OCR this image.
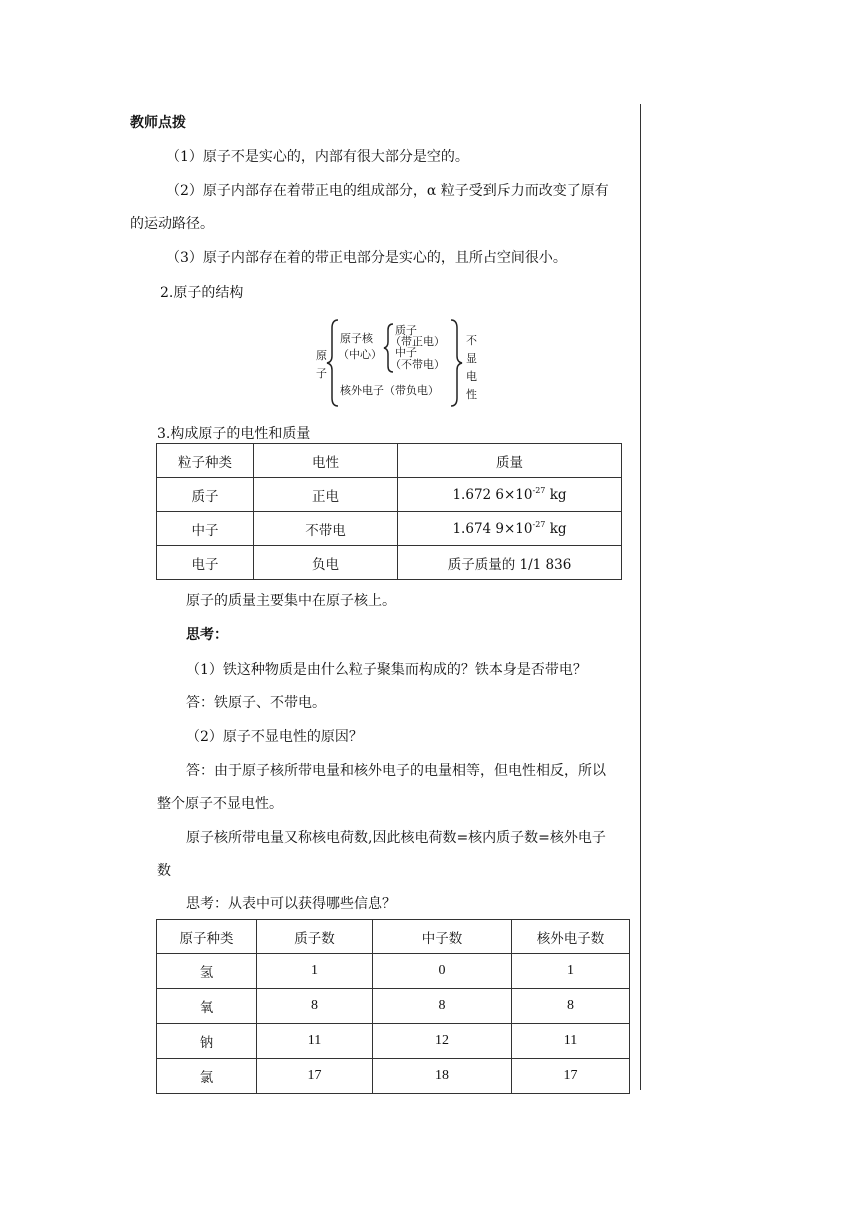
教师点拨
（1）原子不是实心的，内部有很大部分是空的。
（2）原子内部存在着带正电的组成部分，α 粒子受到斥力而改变了原有
的运动路径。
（3）原子内部存在着的带正电部分是实心的，且所占空间很小。
2.原子的结构
原
子
原子核
（中心）
质子
（带正电）
中子
（不带电）
核外电子（带负电）
不
显
电
性
3.构成原子的电性和质量
粒子种类	电性	质量
质子	正电	1.672 $6\times 10^{-27}$ kg
中子	不带电	1.674 $9\times 10^{-27}$ kg
电子	负电	质子质量的 1/1 836
原子的质量主要集中在原子核上。
思考：
（1）铁这种物质是由什么粒子聚集而构成的？铁本身是否带电？
答：铁原子、不带电。
（2）原子不显电性的原因？
答：由于原子核所带电量和核外电子的电量相等，但电性相反，所以
整个原子不显电性。
原子核所带电量又称核电荷数,因此核电荷数=核内质子数=核外电子
数
思考：从表中可以获得哪些信息？
原子种类	质子数	中子数	核外电子数
氢	1	0	1
氧	8	8	8
钠	11	12	11
氯	17	18	17
